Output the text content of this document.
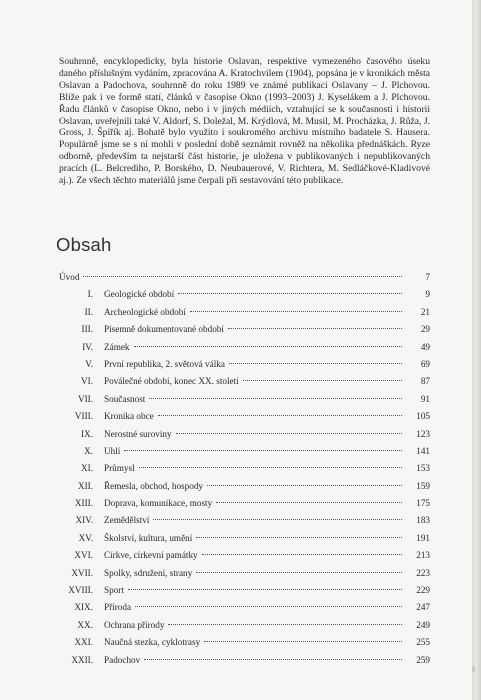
Souhrnně, encyklopedicky, byla historie Oslavan, respektive vymezeného časového úseku daného příslušným vydáním, zpracována A. Kratochvílem (1904), popsána je v kronikách města Oslavan a Padochova, souhrnně do roku 1989 ve známé publikaci Oslavany – J. Plchovou. Blíže pak i ve formě statí, článků v časopise Okno (1993–2003) J. Kyselákem a J. Plchovou. Řadu článků v časopise Okno, nebo i v jiných médiích, vztahující se k současnosti i historii Oslavan, uveřejnili také V. Aldorf, S. Doležal, M. Krýdlová, M. Musil, M. Procházka, J. Růža, J. Gross, J. Špiřík aj. Bohatě bylo využito i soukromého archivu místního badatele S. Hausera. Populárně jsme se s ní mohli v poslední době seznámit rovněž na několika přednáškách. Ryze odborně, především ta nejstarší část historie, je uložena v publikovaných i nepublikovaných pracích (L. Belcrediho, P. Borského, D. Neubauerové, V. Richtera, M. Sedláčkové-Kladivové aj.). Ze všech těchto materiálů jsme čerpali při sestavování této publikace.

Obsah
Úvod	7
I.	Geologické období	9
II.	Archeologické období	21
III.	Písemně dokumentované období	29
IV.	Zámek	49
V.	První republika, 2. světová válka	69
VI.	Poválečné období, konec XX. století	87
VII.	Současnost	91
VIII.	Kronika obce	105
IX.	Nerostné suroviny	123
X.	Uhlí	141
XI.	Průmysl	153
XII.	Řemesla, obchod, hospody	159
XIII.	Doprava, komunikace, mosty	175
XIV.	Zemědělství	183
XV.	Školství, kultura, umění	191
XVI.	Církve, církevní památky	213
XVII.	Spolky, sdružení, strany	223
XVIII.	Sport	229
XIX.	Příroda	247
XX.	Ochrana přírody	249
XXI.	Naučná stezka, cyklotrasy	255
XXII.	Padochov	259
